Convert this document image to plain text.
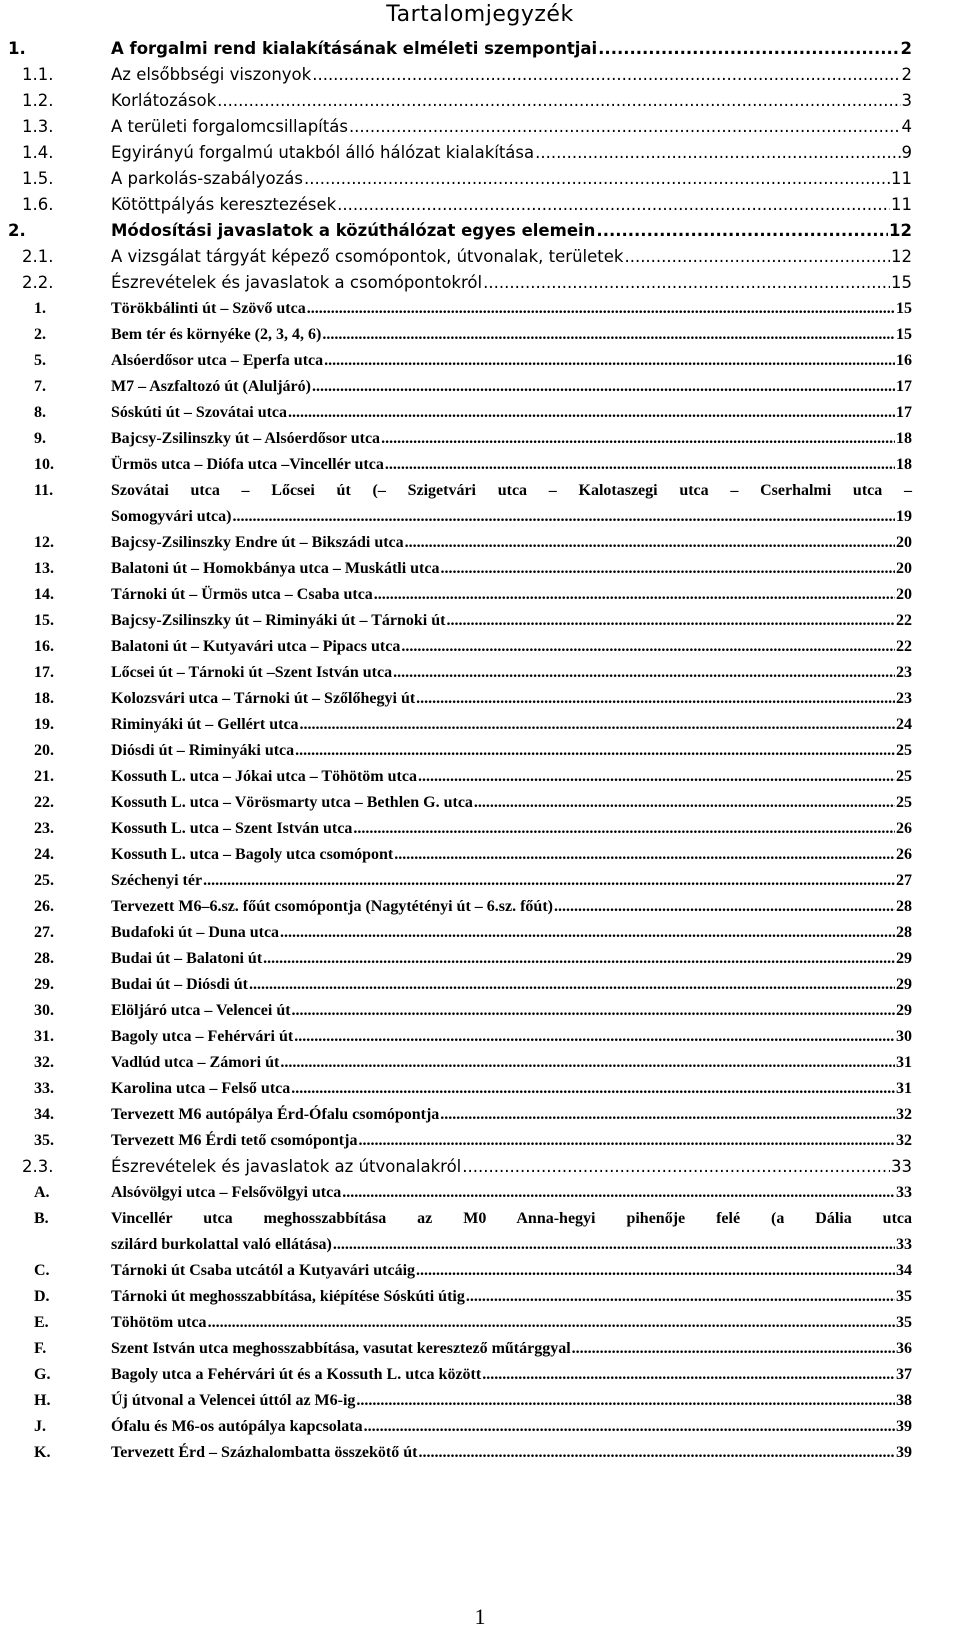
Tartalomjegyzék
1.	A forgalmi rend kialakításának elméleti szempontjai .....	2
1.1.	Az elsőbbségi viszonyok .....	2
1.2.	Korlátozások .....	3
1.3.	A területi forgalomcsillapítás .....	4
1.4.	Egyirányú forgalmú utakból álló hálózat kialakítása .....	9
1.5.	A parkolás-szabályozás .....	11
1.6.	Kötöttpályás keresztezések .....	11
2.	Módosítási javaslatok a közúthálózat egyes elemein .....	12
2.1.	A vizsgálat tárgyát képező csomópontok, útvonalak, területek .....	12
2.2.	Észrevételek és javaslatok a csomópontokról .....	15
1.	Törökbálinti út – Szövő utca .....	15
2.	Bem tér és környéke (2, 3, 4, 6) .....	15
5.	Alsóerdősor utca – Eperfa utca .....	16
7.	M7 – Aszfaltozó út (Aluljáró) .....	17
8.	Sóskúti út – Szovátai utca .....	17
9.	Bajcsy-Zsilinszky út – Alsóerdősor utca .....	18
10.	Ürmös utca – Diófa utca –Vincellér utca .....	18
11.	Szovátai utca – Lőcsei út (– Szigetvári utca – Kalotaszegi utca – Cserhalmi utca –
Somogyvári utca) .....	19
12.	Bajcsy-Zsilinszky Endre út – Bikszádi utca .....	20
13.	Balatoni út – Homokbánya utca – Muskátli utca .....	20
14.	Tárnoki út – Ürmös utca – Csaba utca .....	20
15.	Bajcsy-Zsilinszky út – Riminyáki út – Tárnoki út .....	22
16.	Balatoni út – Kutyavári utca – Pipacs utca .....	22
17.	Lőcsei út – Tárnoki út –Szent István utca .....	23
18.	Kolozsvári utca – Tárnoki út – Szőlőhegyi út .....	23
19.	Riminyáki út – Gellért utca .....	24
20.	Diósdi út – Riminyáki utca .....	25
21.	Kossuth L. utca – Jókai utca – Töhötöm utca .....	25
22.	Kossuth L. utca – Vörösmarty utca – Bethlen G. utca .....	25
23.	Kossuth L. utca – Szent István utca .....	26
24.	Kossuth L. utca – Bagoly utca csomópont .....	26
25.	Széchenyi tér .....	27
26.	Tervezett M6–6.sz. főút csomópontja (Nagytétényi út – 6.sz. főút) .....	28
27.	Budafoki út – Duna utca .....	28
28.	Budai út – Balatoni út .....	29
29.	Budai út – Diósdi út .....	29
30.	Elöljáró utca – Velencei út .....	29
31.	Bagoly utca – Fehérvári út .....	30
32.	Vadlúd utca – Zámori út .....	31
33.	Karolina utca – Felső utca .....	31
34.	Tervezett M6 autópálya Érd-Ófalu csomópontja .....	32
35.	Tervezett M6 Érdi tető csomópontja .....	32
2.3.	Észrevételek és javaslatok az útvonalakról .....	33
A.	Alsóvölgyi utca – Felsővölgyi utca .....	33
B.	Vincellér utca meghosszabbítása az M0 Anna-hegyi pihenője felé (a Dália utca
szilárd burkolattal való ellátása) .....	33
C.	Tárnoki út Csaba utcától a Kutyavári utcáig .....	34
D.	Tárnoki út meghosszabbítása, kiépítése Sóskúti útig .....	35
E.	Töhötöm utca .....	35
F.	Szent István utca meghosszabbítása, vasutat keresztező műtárggyal .....	36
G.	Bagoly utca a Fehérvári út és a Kossuth L. utca között .....	37
H.	Új útvonal a Velencei úttól az M6-ig .....	38
J.	Ófalu és M6-os autópálya kapcsolata .....	39
K.	Tervezett Érd – Százhalombatta összekötő út .....	39
1
